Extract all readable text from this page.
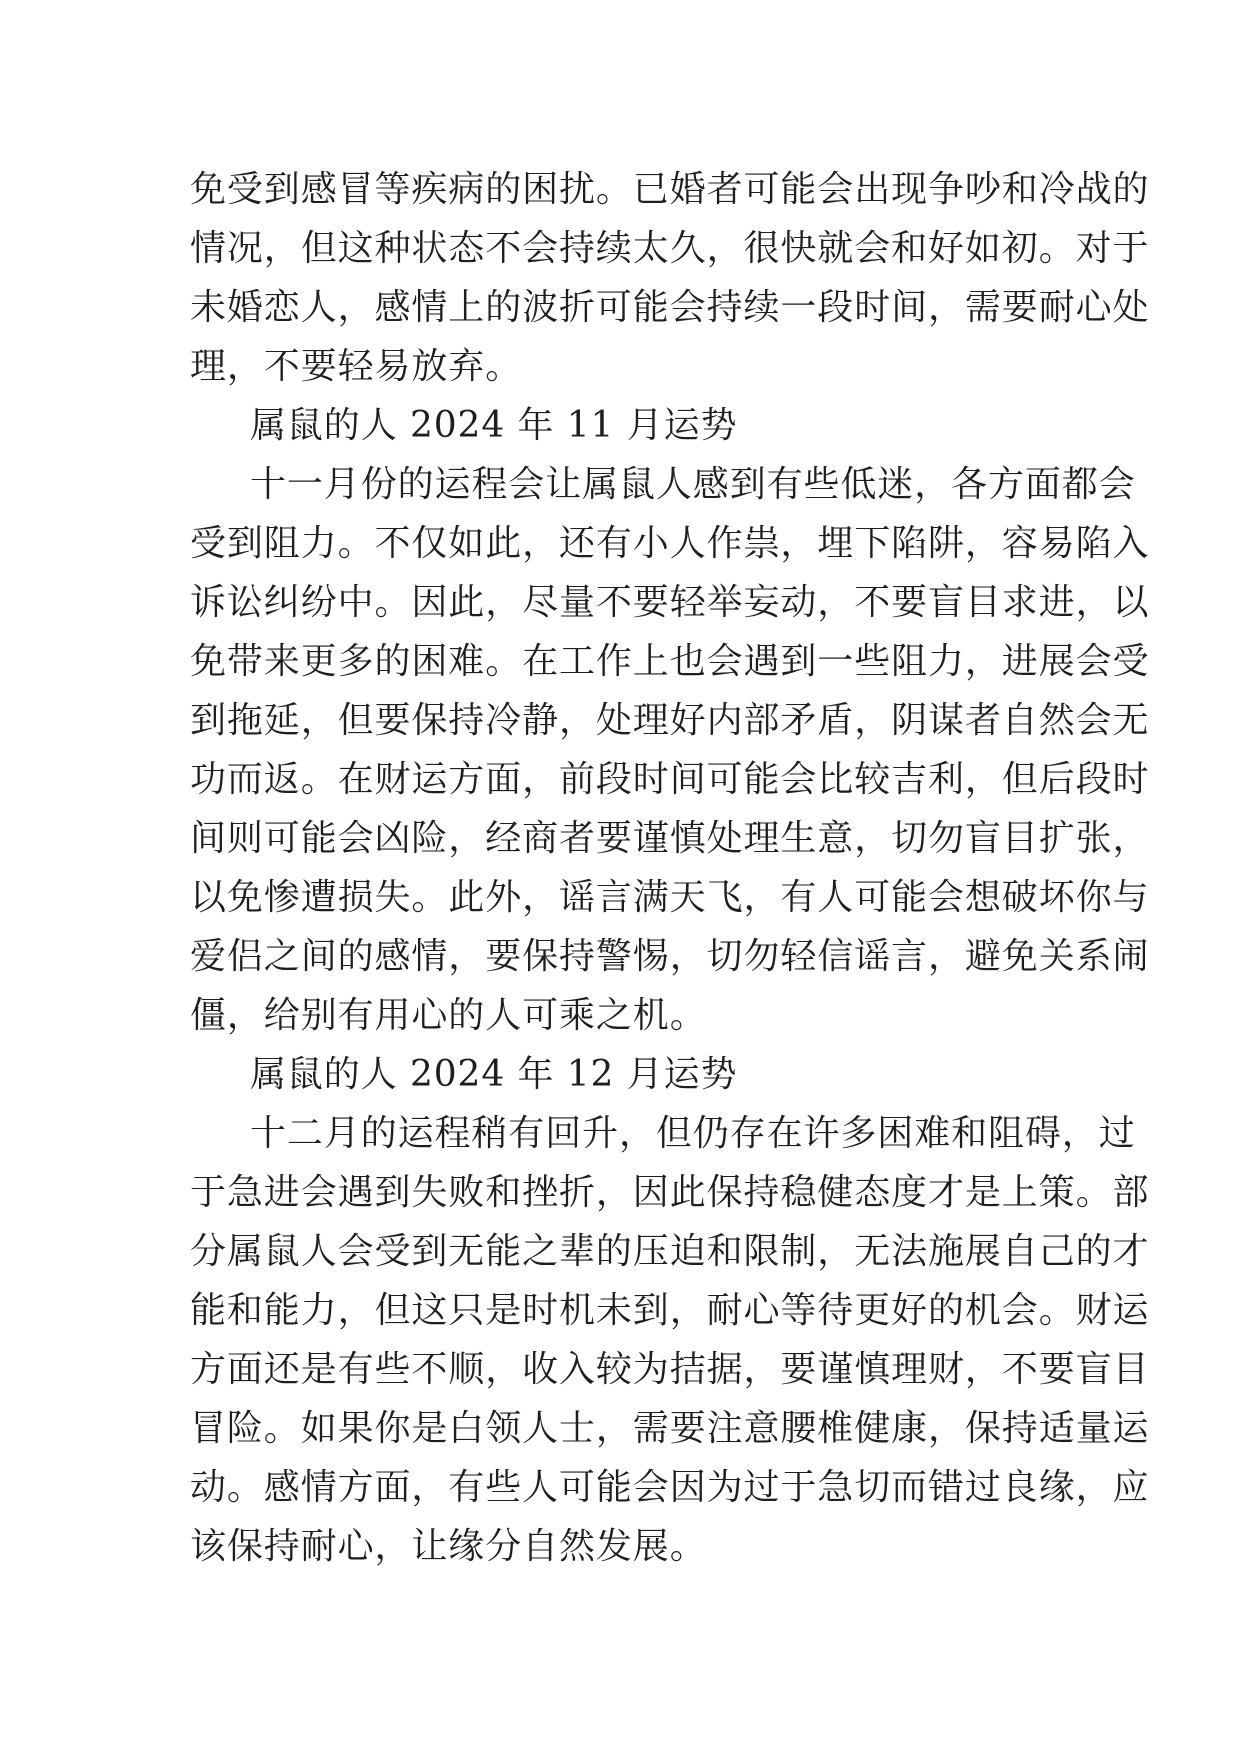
免受到感冒等疾病的困扰。已婚者可能会出现争吵和冷战的
情况，但这种状态不会持续太久，很快就会和好如初。对于
未婚恋人，感情上的波折可能会持续一段时间，需要耐心处
理，不要轻易放弃。
属鼠的人 2024 年 11 月运势
十一月份的运程会让属鼠人感到有些低迷，各方面都会
受到阻力。不仅如此，还有小人作祟，埋下陷阱，容易陷入
诉讼纠纷中。因此，尽量不要轻举妄动，不要盲目求进，以
免带来更多的困难。在工作上也会遇到一些阻力，进展会受
到拖延，但要保持冷静，处理好内部矛盾，阴谋者自然会无
功而返。在财运方面，前段时间可能会比较吉利，但后段时
间则可能会凶险，经商者要谨慎处理生意，切勿盲目扩张，
以免惨遭损失。此外，谣言满天飞，有人可能会想破坏你与
爱侣之间的感情，要保持警惕，切勿轻信谣言，避免关系闹
僵，给别有用心的人可乘之机。
属鼠的人 2024 年 12 月运势
十二月的运程稍有回升，但仍存在许多困难和阻碍，过
于急进会遇到失败和挫折，因此保持稳健态度才是上策。部
分属鼠人会受到无能之辈的压迫和限制，无法施展自己的才
能和能力，但这只是时机未到，耐心等待更好的机会。财运
方面还是有些不顺，收入较为拮据，要谨慎理财，不要盲目
冒险。如果你是白领人士，需要注意腰椎健康，保持适量运
动。感情方面，有些人可能会因为过于急切而错过良缘，应
该保持耐心，让缘分自然发展。
